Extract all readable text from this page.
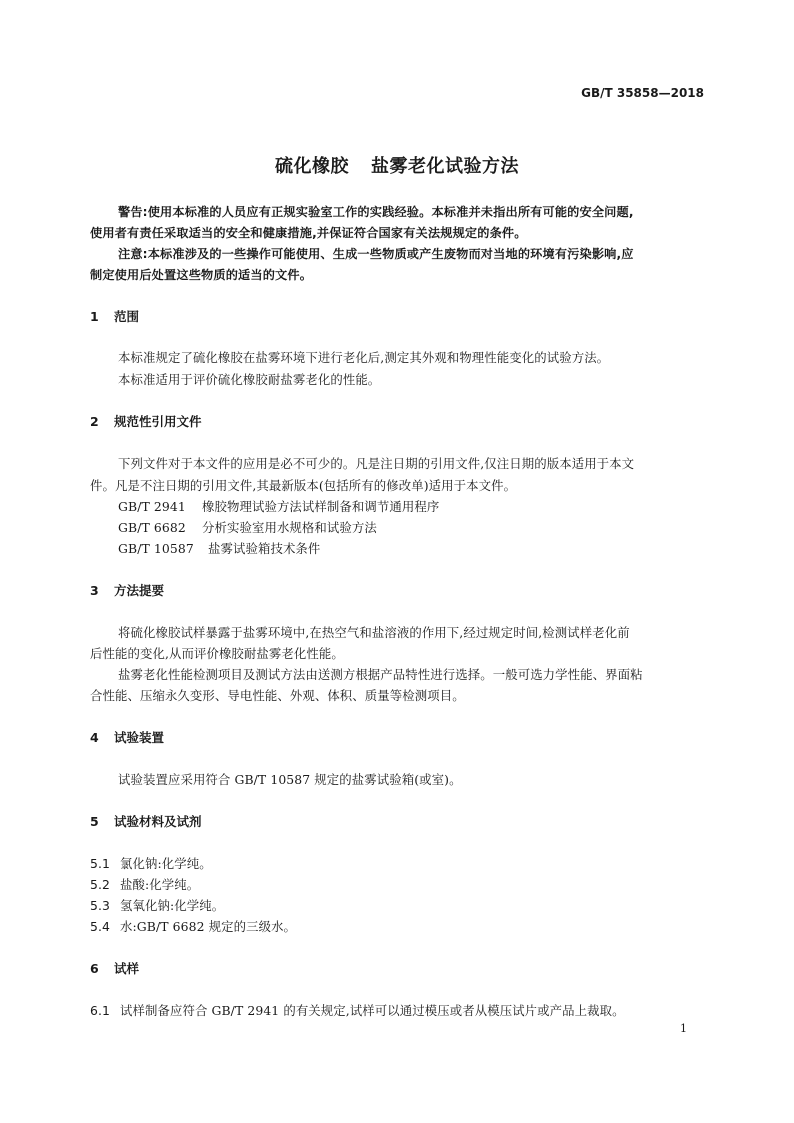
GB/T 35858—2018
硫化橡胶 盐雾老化试验方法
警告:使用本标准的人员应有正规实验室工作的实践经验。本标准并未指出所有可能的安全问题,
使用者有责任采取适当的安全和健康措施,并保证符合国家有关法规规定的条件。
注意:本标准涉及的一些操作可能使用、生成一些物质或产生废物而对当地的环境有污染影响,应
制定使用后处置这些物质的适当的文件。
1 范围
本标准规定了硫化橡胶在盐雾环境下进行老化后,测定其外观和物理性能变化的试验方法。
本标准适用于评价硫化橡胶耐盐雾老化的性能。
2 规范性引用文件
下列文件对于本文件的应用是必不可少的。凡是注日期的引用文件,仅注日期的版本适用于本文
件。凡是不注日期的引用文件,其最新版本(包括所有的修改单)适用于本文件。
GB/T 2941 橡胶物理试验方法试样制备和调节通用程序
GB/T 6682 分析实验室用水规格和试验方法
GB/T 10587 盐雾试验箱技术条件
3 方法提要
将硫化橡胶试样暴露于盐雾环境中,在热空气和盐溶液的作用下,经过规定时间,检测试样老化前
后性能的变化,从而评价橡胶耐盐雾老化性能。
盐雾老化性能检测项目及测试方法由送测方根据产品特性进行选择。一般可选力学性能、界面粘
合性能、压缩永久变形、导电性能、外观、体积、质量等检测项目。
4 试验装置
试验装置应采用符合 GB/T 10587 规定的盐雾试验箱(或室)。
5 试验材料及试剂
5.1 氯化钠:化学纯。
5.2 盐酸:化学纯。
5.3 氢氧化钠:化学纯。
5.4 水:GB/T 6682 规定的三级水。
6 试样
6.1 试样制备应符合 GB/T 2941 的有关规定,试样可以通过模压或者从模压试片或产品上裁取。
1
